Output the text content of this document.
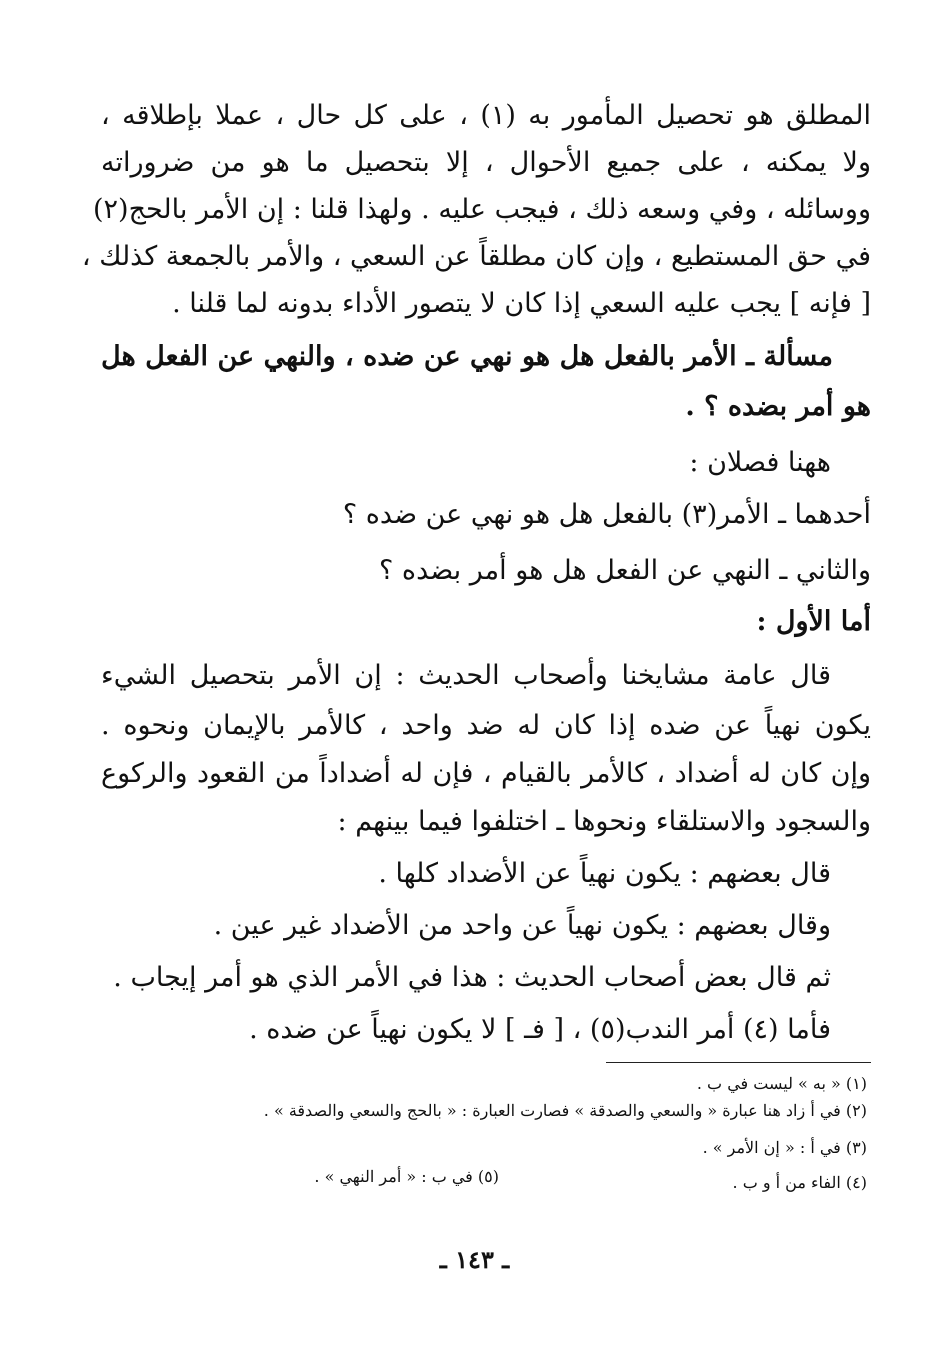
المطلق هو تحصيل المأمور به (١) ، على كل حال ، عملا بإطلاقه ،
ولا يمكنه ، على جميع الأحوال ، إلا بتحصيل ما هو من ضروراته
ووسائله ، وفي وسعه ذلك ، فيجب عليه . ولهذا قلنا : إن الأمر بالحج(٢)
في حق المستطيع ، وإن كان مطلقاً عن السعي ، والأمر بالجمعة كذلك ،
[ فإنه ] يجب عليه السعي إذا كان لا يتصور الأداء بدونه لما قلنا .
مسألة ـ الأمر بالفعل هل هو نهي عن ضده ، والنهي عن الفعل هل
هو أمر بضده ؟ .
ههنا فصلان :
أحدهما ـ الأمر(٣) بالفعل هل هو نهي عن ضده ؟
والثاني ـ النهي عن الفعل هل هو أمر بضده ؟
أما الأول :
قال عامة مشايخنا وأصحاب الحديث : إن الأمر بتحصيل الشيء
يكون نهياً عن ضده إذا كان له ضد واحد ، كالأمر بالإيمان ونحوه .
وإن كان له أضداد ، كالأمر بالقيام ، فإن له أضداداً من القعود والركوع
والسجود والاستلقاء ونحوها ـ اختلفوا فيما بينهم :
قال بعضهم : يكون نهياً عن الأضداد كلها .
وقال بعضهم : يكون نهياً عن واحد من الأضداد غير عين .
ثم قال بعض أصحاب الحديث : هذا في الأمر الذي هو أمر إيجاب .
فأما (٤) أمر الندب(٥) ، [ فـ ] لا يكون نهياً عن ضده .
(١) « به » ليست في ب .
(٢) في أ زاد هنا عبارة « والسعي والصدقة » فصارت العبارة : « بالحج والسعي والصدقة » .
(٣) في أ : « إن الأمر » .
(٤) الفاء من أ و ب .
(٥) في ب : « أمر النهي » .
ـ ١٤٣ ـ
